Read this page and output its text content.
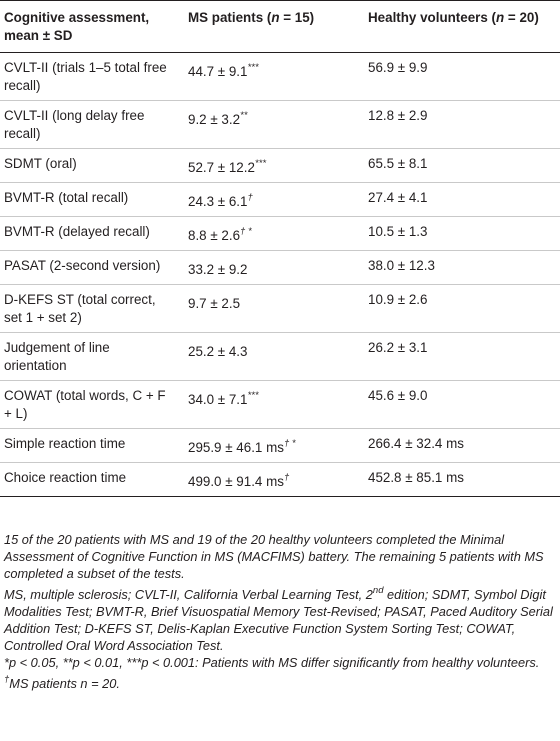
Cognitive assessment, mean ± SD	MS patients (n = 15)	Healthy volunteers (n = 20)
CVLT-II (trials 1–5 total free recall)	44.7 ± 9.1***	56.9 ± 9.9
CVLT-II (long delay free recall)	9.2 ± 3.2**	12.8 ± 2.9
SDMT (oral)	52.7 ± 12.2***	65.5 ± 8.1
BVMT-R (total recall)	24.3 ± 6.1†	27.4 ± 4.1
BVMT-R (delayed recall)	8.8 ± 2.6† *	10.5 ± 1.3
PASAT (2-second version)	33.2 ± 9.2	38.0 ± 12.3
D-KEFS ST (total correct, set 1 + set 2)	9.7 ± 2.5	10.9 ± 2.6
Judgement of line orientation	25.2 ± 4.3	26.2 ± 3.1
COWAT (total words, C + F + L)	34.0 ± 7.1***	45.6 ± 9.0
Simple reaction time	295.9 ± 46.1 ms† *	266.4 ± 32.4 ms
Choice reaction time	499.0 ± 91.4 ms†	452.8 ± 85.1 ms

15 of the 20 patients with MS and 19 of the 20 healthy volunteers completed the Minimal Assessment of Cognitive Function in MS (MACFIMS) battery. The remaining 5 patients with MS completed a subset of the tests.

MS, multiple sclerosis; CVLT-II, California Verbal Learning Test, 2nd edition; SDMT, Symbol Digit Modalities Test; BVMT-R, Brief Visuospatial Memory Test-Revised; PASAT, Paced Auditory Serial Addition Test; D-KEFS ST, Delis-Kaplan Executive Function System Sorting Test; COWAT, Controlled Oral Word Association Test.

*p < 0.05, **p < 0.01, ***p < 0.001: Patients with MS differ significantly from healthy volunteers.

†MS patients n = 20.
